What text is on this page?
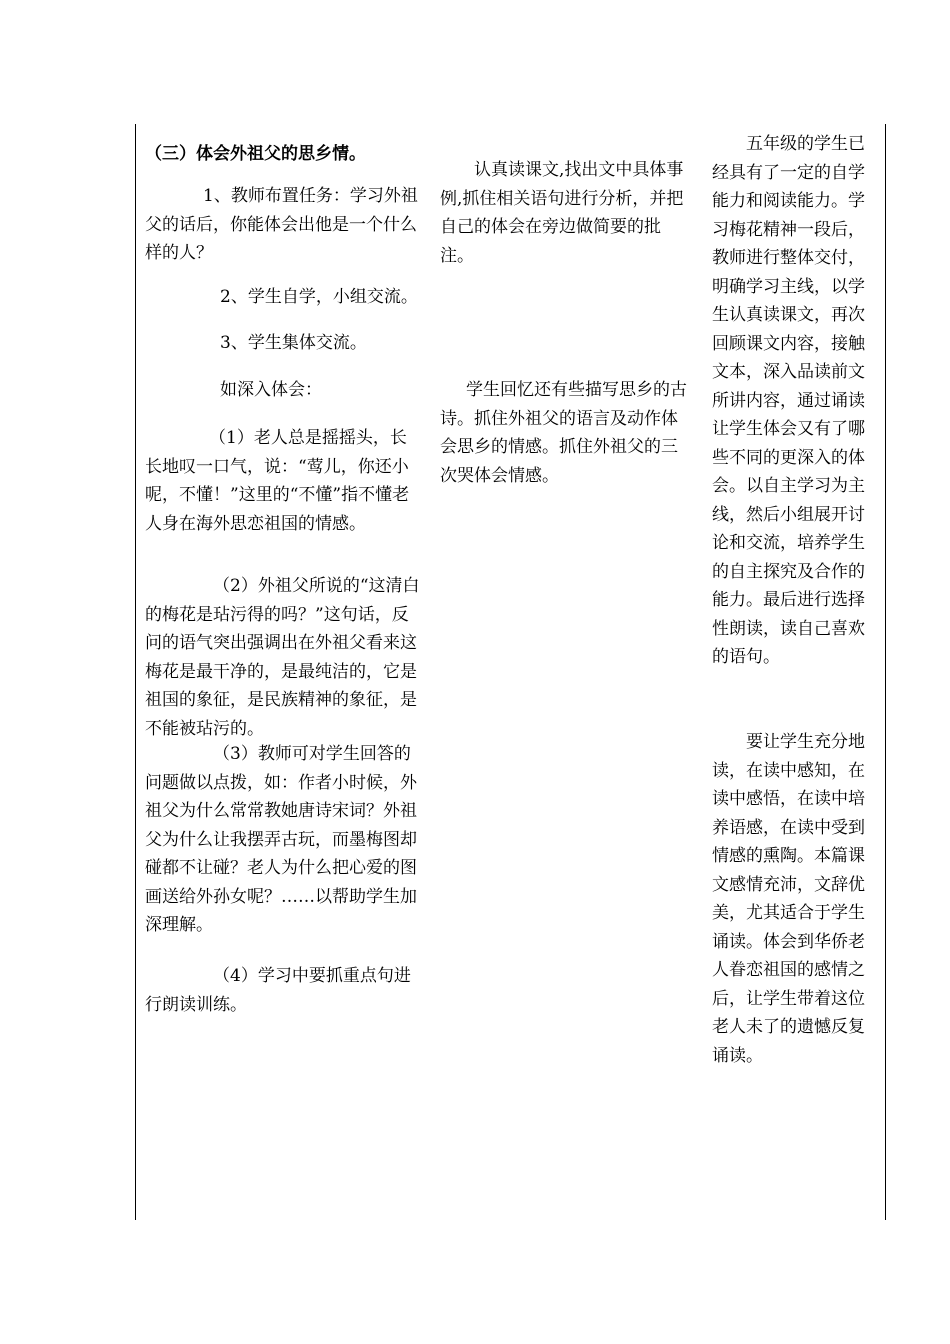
（三）体会外祖父的思乡情。

1、教师布置任务：学习外祖父的话后，你能体会出他是一个什么样的人？

2、学生自学，小组交流。

3、学生集体交流。

如深入体会：

（1）老人总是摇摇头，长长地叹一口气，说：“莺儿，你还小呢，不懂！”这里的“不懂”指不懂老人身在海外思恋祖国的情感。

（2）外祖父所说的“这清白的梅花是玷污得的吗？”这句话，反问的语气突出强调出在外祖父看来这梅花是最干净的，是最纯洁的，它是祖国的象征，是民族精神的象征，是不能被玷污的。

（3）教师可对学生回答的问题做以点拨，如：作者小时候，外祖父为什么常常教她唐诗宋词？外祖父为什么让我摆弄古玩，而墨梅图却碰都不让碰？老人为什么把心爱的图画送给外孙女呢？……以帮助学生加深理解。

（4）学习中要抓重点句进行朗读训练。

认真读课文,找出文中具体事例,抓住相关语句进行分析，并把自己的体会在旁边做简要的批注。

学生回忆还有些描写思乡的古诗。抓住外祖父的语言及动作体会思乡的情感。抓住外祖父的三次哭体会情感。

五年级的学生已经具有了一定的自学能力和阅读能力。学习梅花精神一段后，教师进行整体交付，明确学习主线，以学生认真读课文，再次回顾课文内容，接触文本，深入品读前文所讲内容，通过诵读让学生体会又有了哪些不同的更深入的体会。以自主学习为主线，然后小组展开讨论和交流，培养学生的自主探究及合作的能力。最后进行选择性朗读，读自己喜欢的语句。

要让学生充分地读，在读中感知，在读中感悟，在读中培养语感，在读中受到情感的熏陶。本篇课文感情充沛，文辞优美，尤其适合于学生诵读。体会到华侨老人眷恋祖国的感情之后，让学生带着这位老人未了的遗憾反复诵读。
